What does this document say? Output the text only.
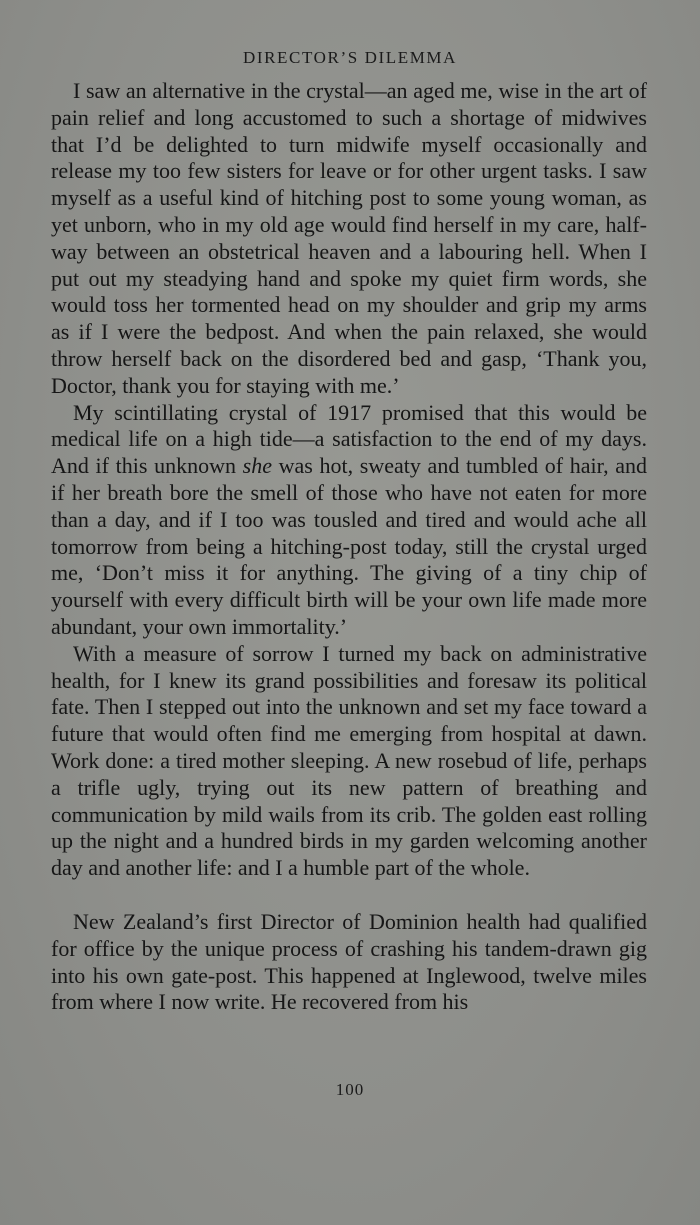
DIRECTOR’S DILEMMA

I saw an alternative in the crystal—an aged me, wise in the art of pain relief and long accustomed to such a shortage of midwives that I’d be delighted to turn midwife myself occasionally and release my too few sisters for leave or for other urgent tasks. I saw myself as a useful kind of hitching post to some young woman, as yet unborn, who in my old age would find herself in my care, half-way between an obstetrical heaven and a labouring hell. When I put out my steadying hand and spoke my quiet firm words, she would toss her tormented head on my shoulder and grip my arms as if I were the bedpost. And when the pain relaxed, she would throw herself back on the disordered bed and gasp, ‘Thank you, Doctor, thank you for staying with me.’

My scintillating crystal of 1917 promised that this would be medical life on a high tide—a satisfaction to the end of my days. And if this unknown she was hot, sweaty and tumbled of hair, and if her breath bore the smell of those who have not eaten for more than a day, and if I too was tousled and tired and would ache all tomorrow from being a hitching-post today, still the crystal urged me, ‘Don’t miss it for anything. The giving of a tiny chip of yourself with every difficult birth will be your own life made more abundant, your own immortality.’

With a measure of sorrow I turned my back on administrative health, for I knew its grand possibilities and foresaw its political fate. Then I stepped out into the unknown and set my face toward a future that would often find me emerging from hospital at dawn. Work done: a tired mother sleeping. A new rosebud of life, perhaps a trifle ugly, trying out its new pattern of breathing and communication by mild wails from its crib. The golden east rolling up the night and a hundred birds in my garden welcoming another day and another life: and I a humble part of the whole.

New Zealand’s first Director of Dominion health had qualified for office by the unique process of crashing his tandem-drawn gig into his own gate-post. This happened at Inglewood, twelve miles from where I now write. He recovered from his

100
